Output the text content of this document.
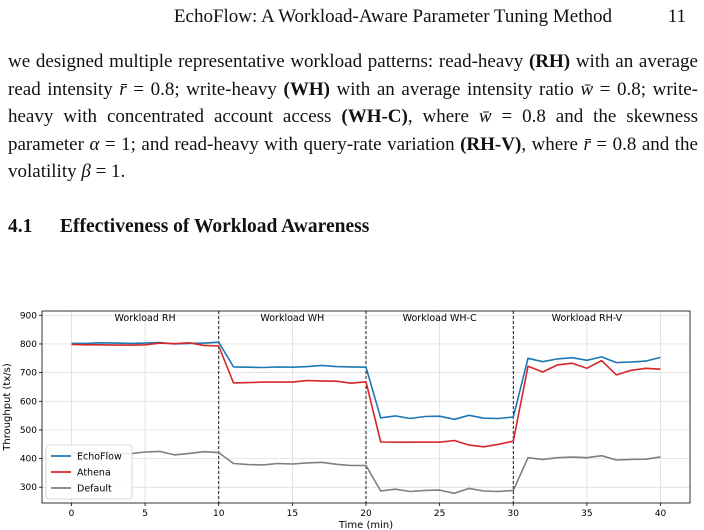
EchoFlow: A Workload-Aware Parameter Tuning Method	11
we designed multiple representative workload patterns: read-heavy (RH) with an average read intensity r̄ = 0.8; write-heavy (WH) with an average intensity ratio w̄ = 0.8; write-heavy with concentrated account access (WH-C), where w̄ = 0.8 and the skewness parameter α = 1; and read-heavy with query-rate variation (RH-V), where r̄ = 0.8 and the volatility β = 1.
4.1 Effectiveness of Workload Awareness
0	5	10	15	20	25	30	35	40
300
400
500
600
700
800
900	Workload RH	Workload WH	Workload WH-C	Workload RH-V
Time (min)
Throughput (tx/s)
EchoFlow
Athena
Default
